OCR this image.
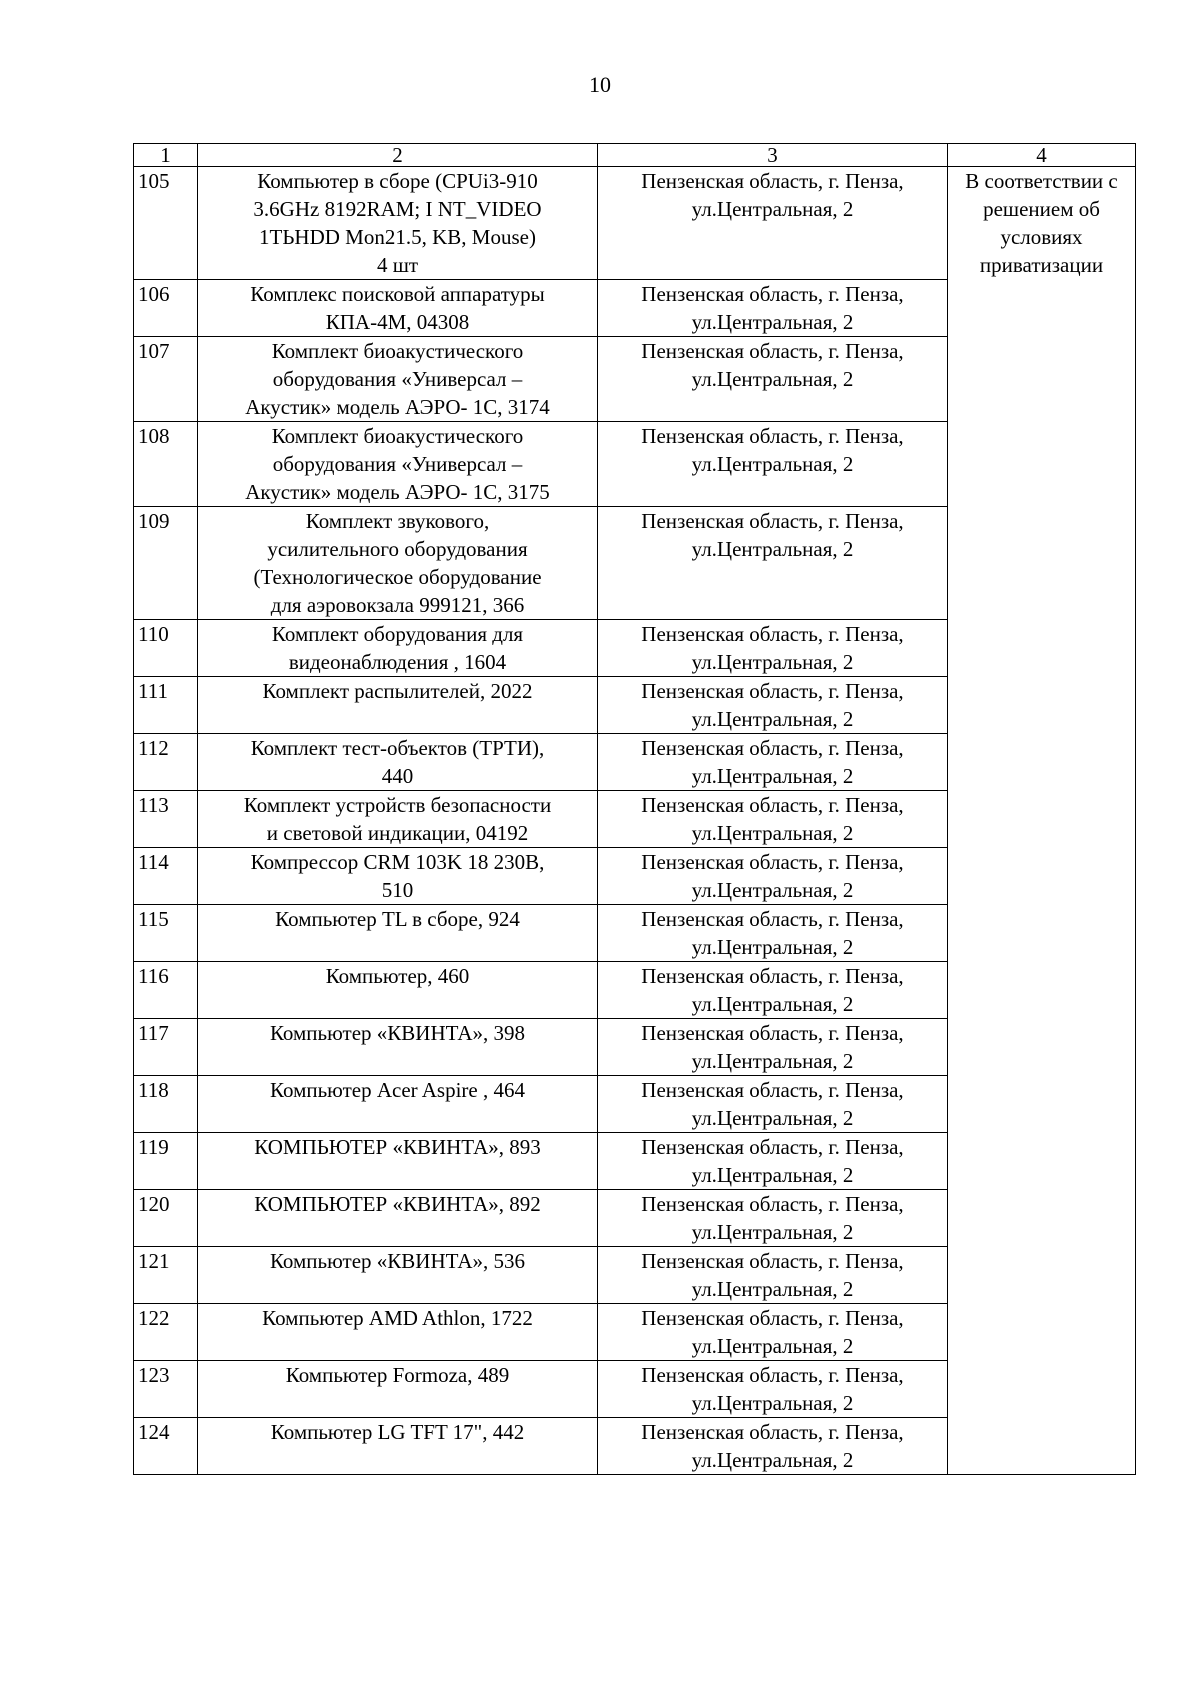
10
1	2	3	4
105	Компьютер в сборе (CPUi3-910
3.6GHz 8192RAM; I NT_VIDEO
1ТЬHDD Mon21.5, KB, Mouse)
4 шт	Пензенская область, г. Пенза,
ул.Центральная, 2	В соответствии с
решением об
условиях
приватизации

106	Комплекс поисковой аппаратуры
КПА-4М, 04308	Пензенская область, г. Пенза,
ул.Центральная, 2	

107	Комплект биоакустического
оборудования «Универсал –
Акустик» модель АЭРО- 1С, 3174	Пензенская область, г. Пенза,
ул.Центральная, 2	

108	Комплект биоакустического
оборудования «Универсал –
Акустик» модель АЭРО- 1С, 3175	Пензенская область, г. Пенза,
ул.Центральная, 2	

109	Комплект звукового,
усилительного оборудования
(Технологическое оборудование
для аэровокзала 999121, 366	Пензенская область, г. Пенза,
ул.Центральная, 2	

110	Комплект оборудования для
видеонаблюдения , 1604	Пензенская область, г. Пенза,
ул.Центральная, 2	

111	Комплект распылителей, 2022	Пензенская область, г. Пенза,
ул.Центральная, 2	

112	Комплект тест-объектов (ТРТИ),
440	Пензенская область, г. Пенза,
ул.Центральная, 2	

113	Комплект устройств безопасности
и световой индикации, 04192	Пензенская область, г. Пенза,
ул.Центральная, 2	

114	Компрессор CRM 103K 18 230B,
510	Пензенская область, г. Пенза,
ул.Центральная, 2	

115	Компьютер TL в сборе, 924	Пензенская область, г. Пенза,
ул.Центральная, 2	

116	Компьютер, 460	Пензенская область, г. Пенза,
ул.Центральная, 2	

117	Компьютер «КВИНТА», 398	Пензенская область, г. Пенза,
ул.Центральная, 2	

118	Компьютер Acer Aspire , 464	Пензенская область, г. Пенза,
ул.Центральная, 2	

119	КОМПЬЮТЕР «КВИНТА», 893	Пензенская область, г. Пенза,
ул.Центральная, 2	

120	КОМПЬЮТЕР «КВИНТА», 892	Пензенская область, г. Пенза,
ул.Центральная, 2	

121	Компьютер «КВИНТА», 536	Пензенская область, г. Пенза,
ул.Центральная, 2	

122	Компьютер AMD Athlon, 1722	Пензенская область, г. Пенза,
ул.Центральная, 2	

123	Компьютер Formoza, 489	Пензенская область, г. Пенза,
ул.Центральная, 2	

124	Компьютер LG TFT 17", 442	Пензенская область, г. Пенза,
ул.Центральная, 2	
